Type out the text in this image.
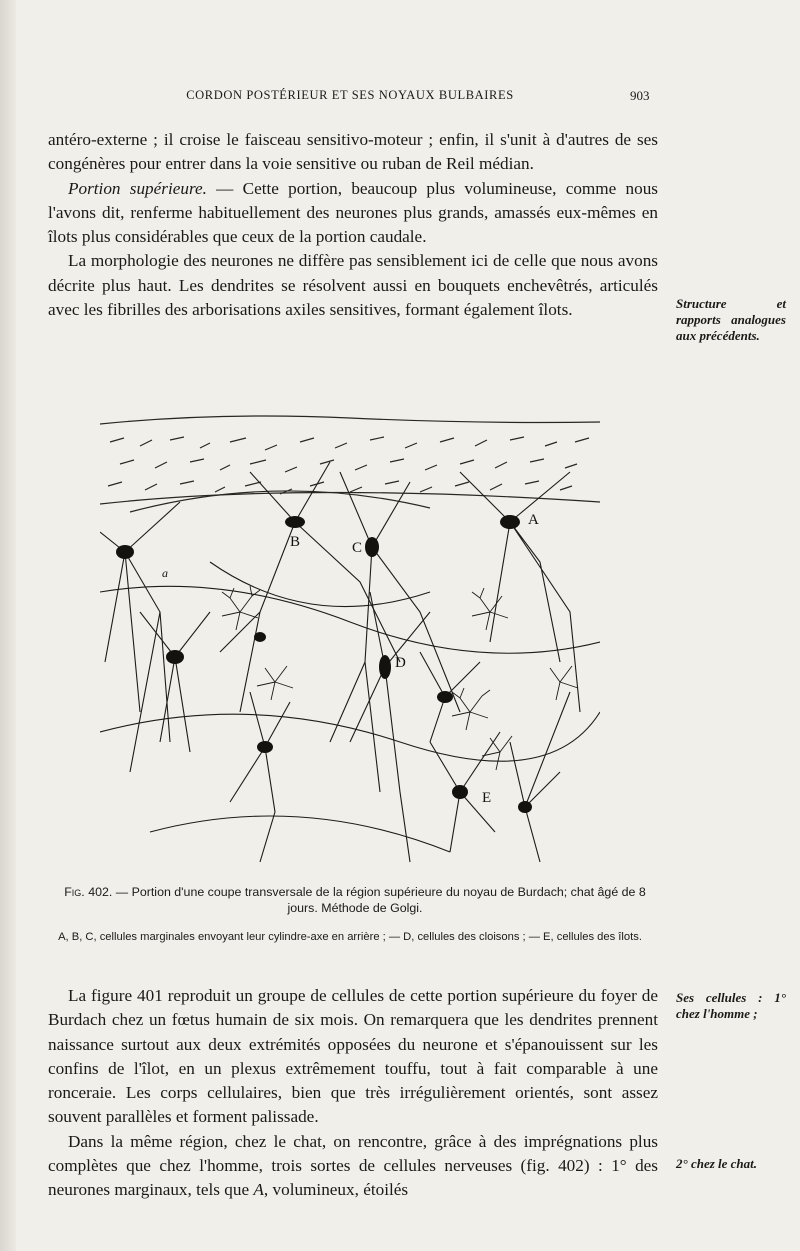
CORDON POSTÉRIEUR ET SES NOYAUX BULBAIRES	903

antéro-externe ; il croise le faisceau sensitivo-moteur ; enfin, il s'unit à d'autres de ses congénères pour entrer dans la voie sensitive ou ruban de Reil médian.

Portion supérieure. — Cette portion, beaucoup plus volumineuse, comme nous l'avons dit, renferme habituellement des neurones plus grands, amassés eux-mêmes en îlots plus considérables que ceux de la portion caudale.

La morphologie des neurones ne diffère pas sensiblement ici de celle que nous avons décrite plus haut. Les dendrites se résolvent aussi en bouquets enchevêtrés, articulés avec les fibrilles des arborisations axiles sensitives, formant également îlots.	Structure et rapports analogues aux précédents.
Ses cellules : 1° chez l'homme ;
2° chez le chat.
A
B	C
D
E
a
Fig. 402. — Portion d'une coupe transversale de la région supérieure du noyau de Burdach; chat âgé de 8 jours. Méthode de Golgi.
A, B, C, cellules marginales envoyant leur cylindre-axe en arrière ; — D, cellules des cloisons ; — E, cellules des îlots.

La figure 401 reproduit un groupe de cellules de cette portion supérieure du foyer de Burdach chez un fœtus humain de six mois. On remarquera que les dendrites prennent naissance surtout aux deux extrémités opposées du neurone et s'épanouissent sur les confins de l'îlot, en un plexus extrêmement touffu, tout à fait comparable à une ronceraie. Les corps cellulaires, bien que très irrégulièrement orientés, sont assez souvent parallèles et forment palissade.

Dans la même région, chez le chat, on rencontre, grâce à des imprégnations plus complètes que chez l'homme, trois sortes de cellules nerveuses (fig. 402) : 1° des neurones marginaux, tels que A, volumineux, étoilés
